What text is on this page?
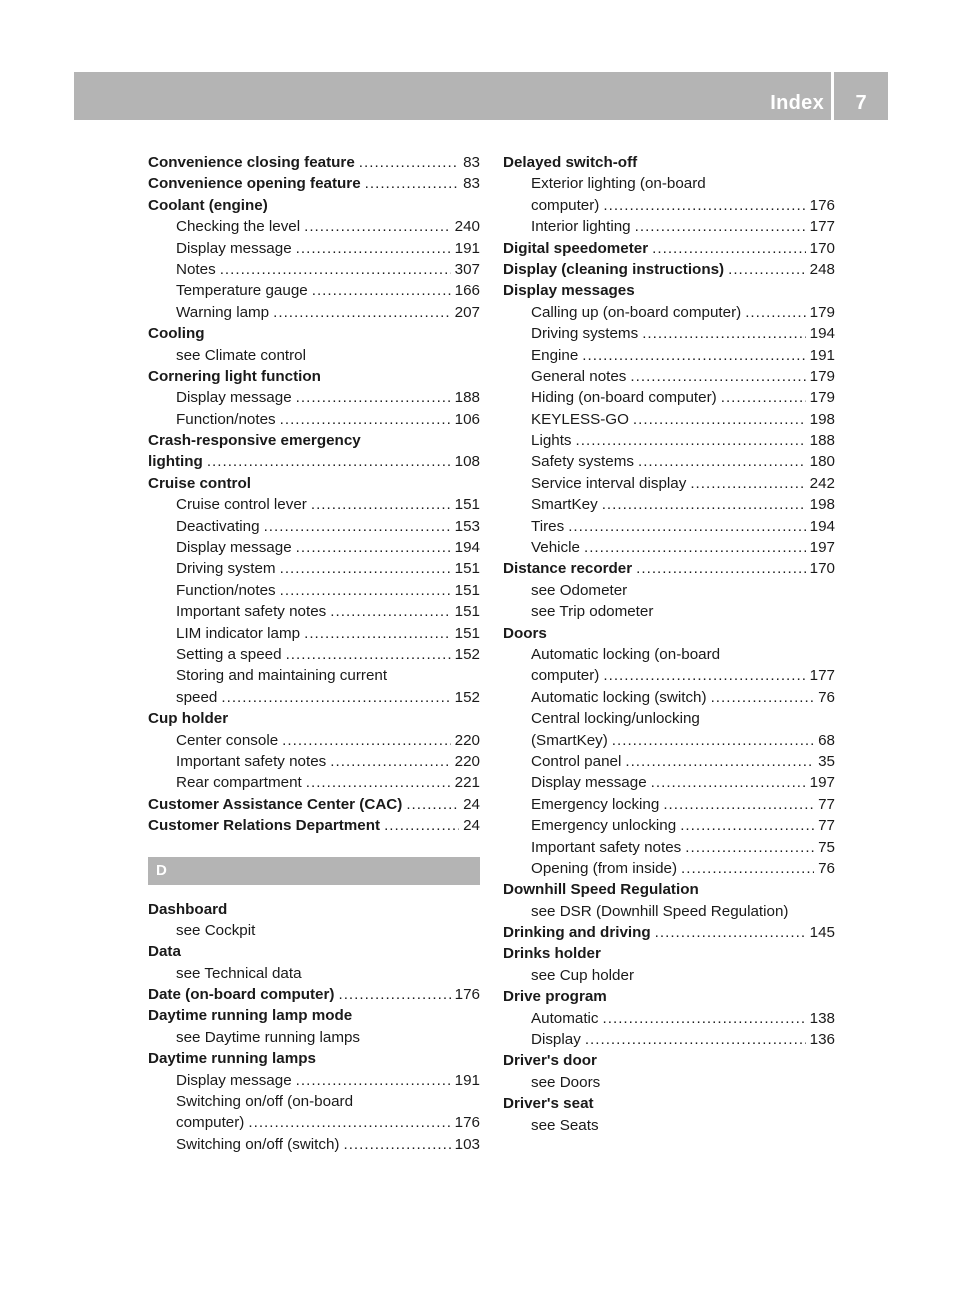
Index	7
Convenience closing feature .....	83
Convenience opening feature .....	83
Coolant (engine)
Checking the level .....	240
Display message .....	191
Notes .....	307
Temperature gauge .....	166
Warning lamp .....	207
Cooling
see Climate control
Cornering light function
Display message .....	188
Function/notes .....	106
Crash-responsive emergency
lighting .....	108
Cruise control
Cruise control lever .....	151
Deactivating .....	153
Display message .....	194
Driving system .....	151
Function/notes .....	151
Important safety notes .....	151
LIM indicator lamp .....	151
Setting a speed .....	152
Storing and maintaining current
speed .....	152
Cup holder
Center console .....	220
Important safety notes .....	220
Rear compartment .....	221
Customer Assistance Center (CAC) .....	24
Customer Relations Department .....	24
D
Dashboard
see Cockpit
Data
see Technical data
Date (on-board computer) .....	176
Daytime running lamp mode
see Daytime running lamps
Daytime running lamps
Display message .....	191
Switching on/off (on-board
computer) .....	176
Switching on/off (switch) .....	103
Delayed switch-off
Exterior lighting (on-board
computer) .....	176
Interior lighting .....	177
Digital speedometer .....	170
Display (cleaning instructions) .....	248
Display messages
Calling up (on-board computer) .....	179
Driving systems .....	194
Engine .....	191
General notes .....	179
Hiding (on-board computer) .....	179
KEYLESS-GO .....	198
Lights .....	188
Safety systems .....	180
Service interval display .....	242
SmartKey .....	198
Tires .....	194
Vehicle .....	197
Distance recorder .....	170
see Odometer
see Trip odometer
Doors
Automatic locking (on-board
computer) .....	177
Automatic locking (switch) .....	76
Central locking/unlocking
(SmartKey) .....	68
Control panel .....	35
Display message .....	197
Emergency locking .....	77
Emergency unlocking .....	77
Important safety notes .....	75
Opening (from inside) .....	76
Downhill Speed Regulation
see DSR (Downhill Speed Regulation)
Drinking and driving .....	145
Drinks holder
see Cup holder
Drive program
Automatic .....	138
Display .....	136
Driver's door
see Doors
Driver's seat
see Seats
